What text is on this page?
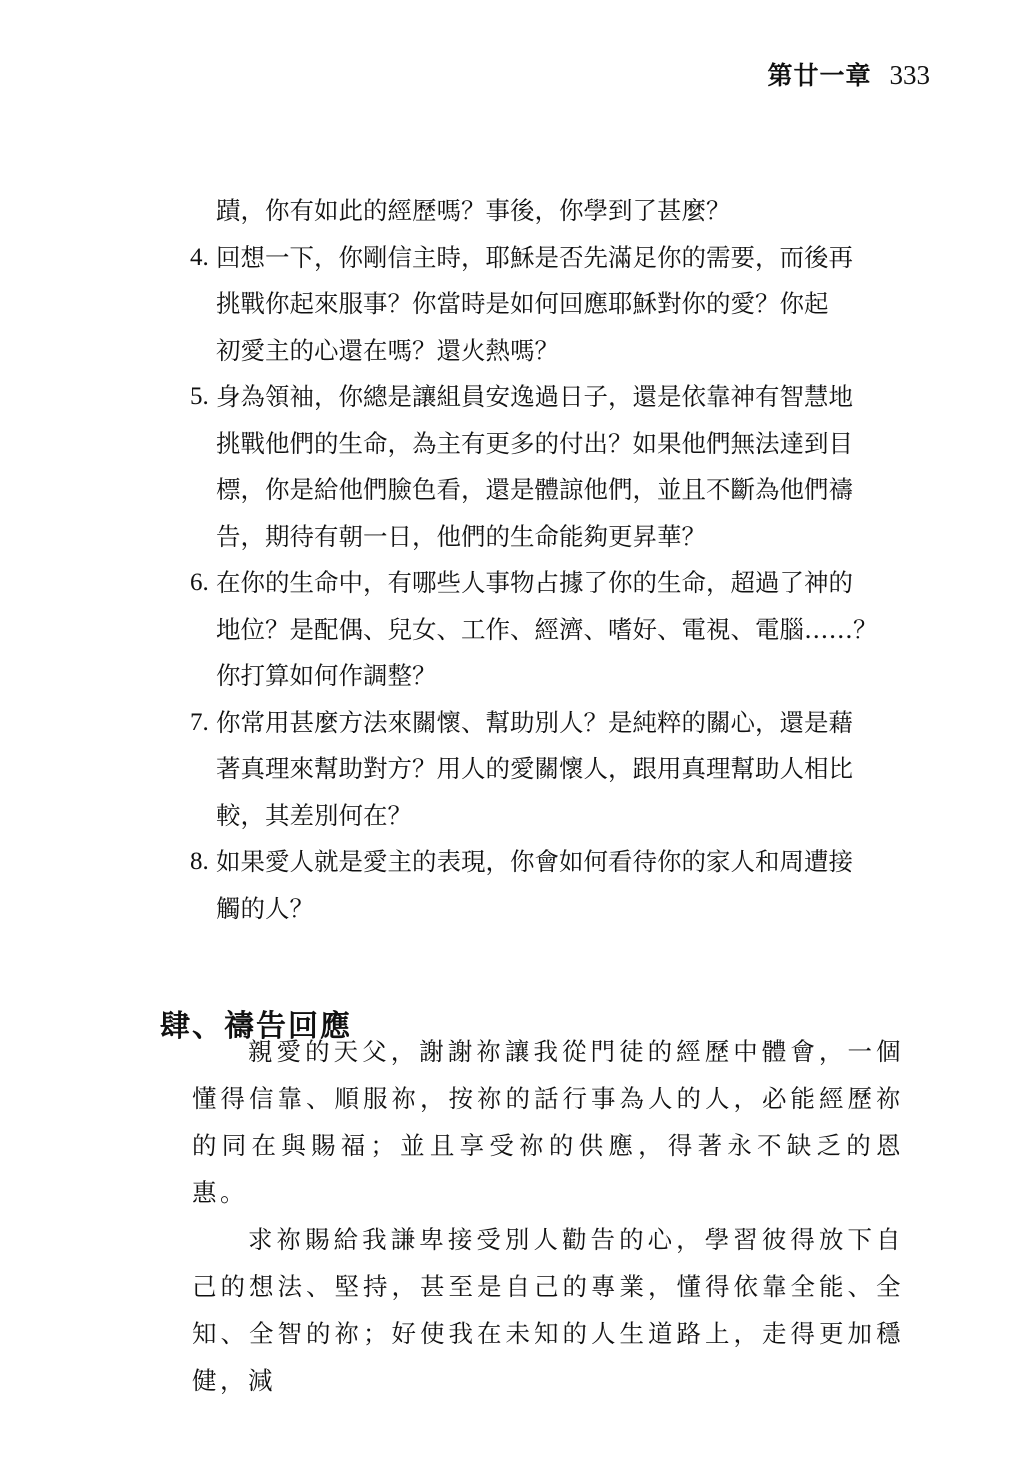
第廿一章 333
蹟，你有如此的經歷嗎？事後，你學到了甚麼？
4. 回想一下，你剛信主時，耶穌是否先滿足你的需要，而後再
挑戰你起來服事？你當時是如何回應耶穌對你的愛？你起
初愛主的心還在嗎？還火熱嗎？
5. 身為領袖，你總是讓組員安逸過日子，還是依靠神有智慧地
挑戰他們的生命，為主有更多的付出？如果他們無法達到目
標，你是給他們臉色看，還是體諒他們，並且不斷為他們禱
告，期待有朝一日，他們的生命能夠更昇華？
6. 在你的生命中，有哪些人事物占據了你的生命，超過了神的
地位？是配偶、兒女、工作、經濟、嗜好、電視、電腦……？
你打算如何作調整？
7. 你常用甚麼方法來關懷、幫助別人？是純粹的關心，還是藉
著真理來幫助對方？用人的愛關懷人，跟用真理幫助人相比
較，其差別何在？
8. 如果愛人就是愛主的表現，你會如何看待你的家人和周遭接
觸的人？
肆、禱告回應

親愛的天父，謝謝祢讓我從門徒的經歷中體會，一個懂得信靠、順服祢，按祢的話行事為人的人，必能經歷祢的同在與賜福；並且享受祢的供應，得著永不缺乏的恩惠。

求祢賜給我謙卑接受別人勸告的心，學習彼得放下自己的想法、堅持，甚至是自己的專業，懂得依靠全能、全知、全智的祢；好使我在未知的人生道路上，走得更加穩健，減
